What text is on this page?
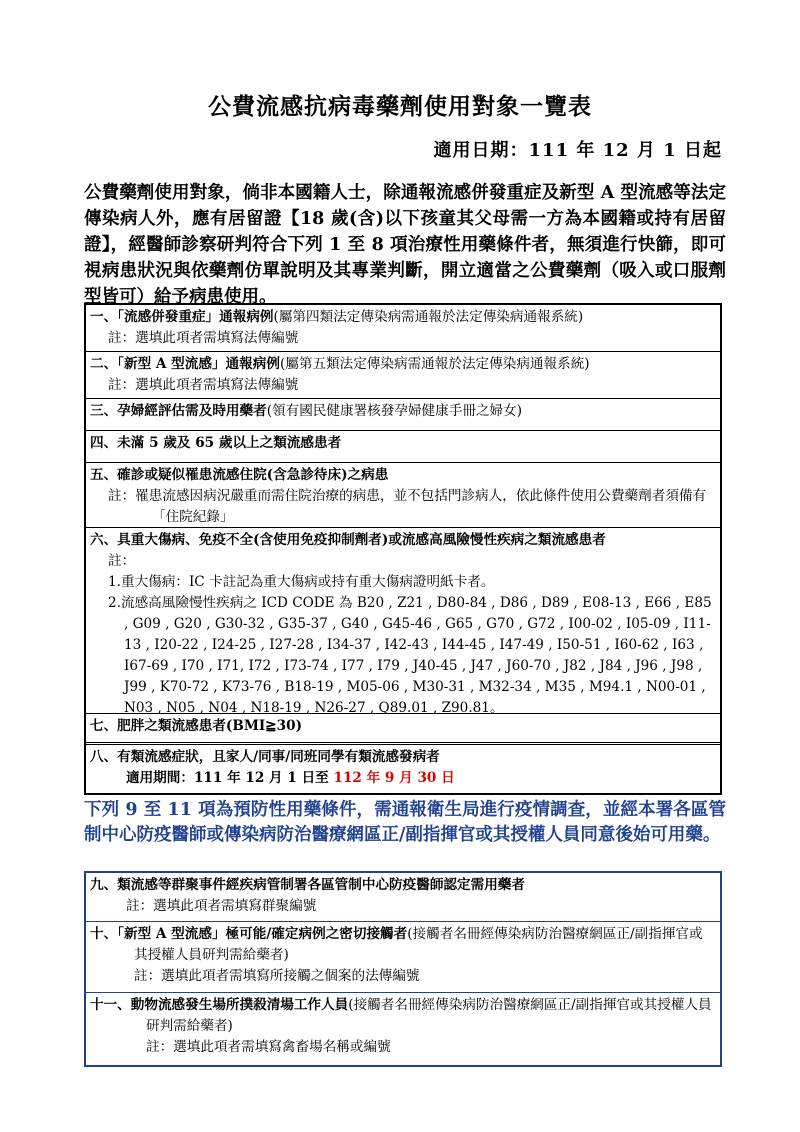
公費流感抗病毒藥劑使用對象一覽表
適用日期：111 年 12 月 1 日起
公費藥劑使用對象，倘非本國籍人士，除通報流感併發重症及新型 A 型流感等法定傳染病人外，應有居留證【18 歲(含)以下孩童其父母需一方為本國籍或持有居留證】，經醫師診察研判符合下列 1 至 8 項治療性用藥條件者，無須進行快篩，即可視病患狀況與依藥劑仿單說明及其專業判斷，開立適當之公費藥劑（吸入或口服劑型皆可）給予病患使用。
一、「流感併發重症」通報病例(屬第四類法定傳染病需通報於法定傳染病通報系統)
註：選填此項者需填寫法傳編號
二、「新型 A 型流感」通報病例(屬第五類法定傳染病需通報於法定傳染病通報系統)
註：選填此項者需填寫法傳編號
三、孕婦經評估需及時用藥者(領有國民健康署核發孕婦健康手冊之婦女)
四、未滿 5 歲及 65 歲以上之類流感患者
五、確診或疑似罹患流感住院(含急診待床)之病患
註：罹患流感因病況嚴重而需住院治療的病患，並不包括門診病人，依此條件使用公費藥劑者須備有「住院紀錄」
六、具重大傷病、免疫不全(含使用免疫抑制劑者)或流感高風險慢性疾病之類流感患者
註：
1.重大傷病：IC 卡註記為重大傷病或持有重大傷病證明紙卡者。
2.流感高風險慢性疾病之 ICD CODE 為 B20 , Z21 , D80-84 , D86 , D89 , E08-13 , E66 , E85 , G09 , G20 , G30-32 , G35-37 , G40 , G45-46 , G65 , G70 , G72 , I00-02 , I05-09 , I11-13 , I20-22 , I24-25 , I27-28 , I34-37 , I42-43 , I44-45 , I47-49 , I50-51 , I60-62 , I63 , I67-69 , I70 , I71, I72 , I73-74 , I77 , I79 , J40-45 , J47 , J60-70 , J82 , J84 , J96 , J98 , J99 , K70-72 , K73-76 , B18-19 , M05-06 , M30-31 , M32-34 , M35 , M94.1 , N00-01 , N03 , N05 , N04 , N18-19 , N26-27 , Q89.01 , Z90.81。
七、肥胖之類流感患者(BMI≧30)
八、有類流感症狀，且家人/同事/同班同學有類流感發病者
適用期間：111 年 12 月 1 日至 112 年 9 月 30 日
下列 9 至 11 項為預防性用藥條件，需通報衛生局進行疫情調查，並經本署各區管制中心防疫醫師或傳染病防治醫療網區正/副指揮官或其授權人員同意後始可用藥。
九、類流感等群聚事件經疾病管制署各區管制中心防疫醫師認定需用藥者
註：選填此項者需填寫群聚編號
十、「新型 A 型流感」極可能/確定病例之密切接觸者(接觸者名冊經傳染病防治醫療網區正/副指揮官或其授權人員研判需給藥者)
註：選填此項者需填寫所接觸之個案的法傳編號
十一、動物流感發生場所撲殺清場工作人員(接觸者名冊經傳染病防治醫療網區正/副指揮官或其授權人員研判需給藥者)
註：選填此項者需填寫禽畜場名稱或編號
